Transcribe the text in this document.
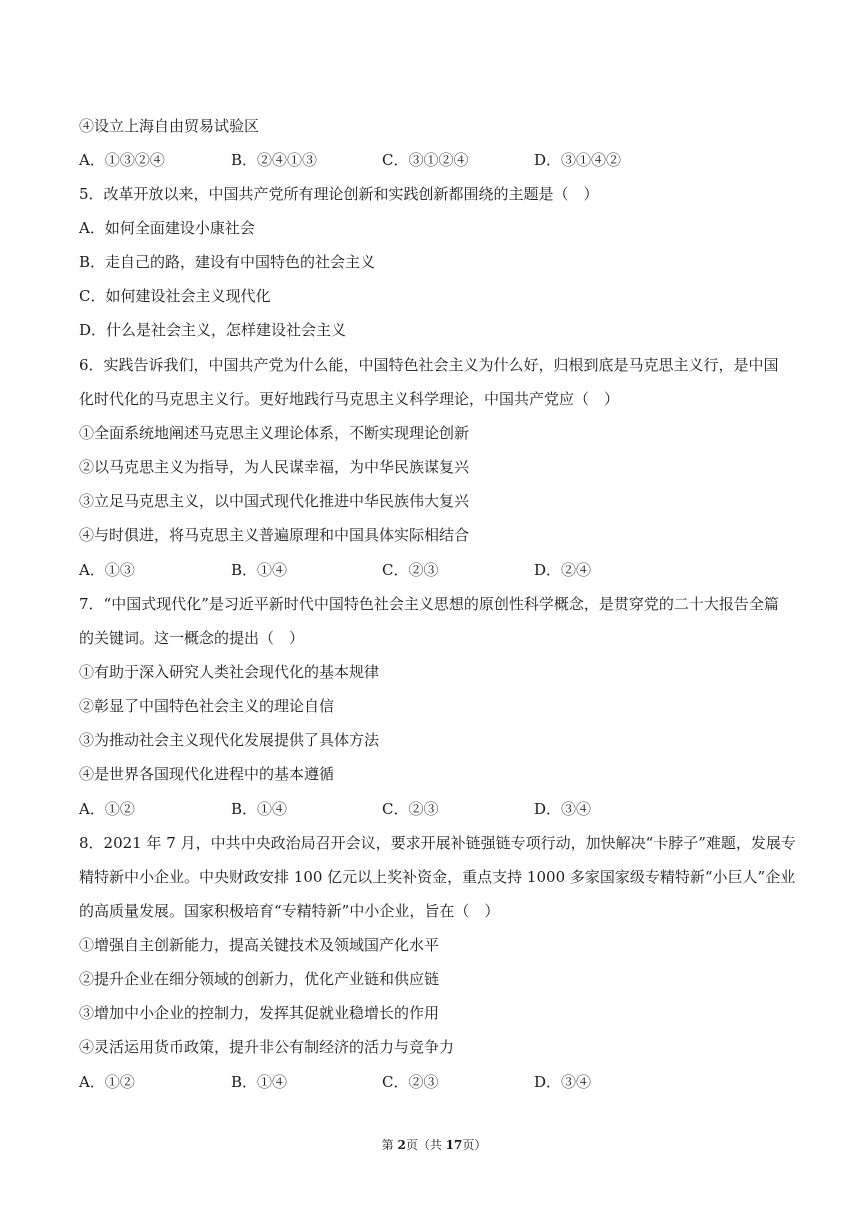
④设立上海自由贸易试验区
A．①③②④	B．②④①③	C．③①②④	D．③①④②
5．改革开放以来，中国共产党所有理论创新和实践创新都围绕的主题是（　）
A．如何全面建设小康社会
B．走自己的路，建设有中国特色的社会主义
C．如何建设社会主义现代化
D．什么是社会主义，怎样建设社会主义
6．实践告诉我们，中国共产党为什么能，中国特色社会主义为什么好，归根到底是马克思主义行，是中国
化时代化的马克思主义行。更好地践行马克思主义科学理论，中国共产党应（　）
①全面系统地阐述马克思主义理论体系，不断实现理论创新
②以马克思主义为指导，为人民谋幸福，为中华民族谋复兴
③立足马克思主义，以中国式现代化推进中华民族伟大复兴
④与时俱进，将马克思主义普遍原理和中国具体实际相结合
A．①③	B．①④	C．②③	D．②④
7．“中国式现代化”是习近平新时代中国特色社会主义思想的原创性科学概念，是贯穿党的二十大报告全篇
的关键词。这一概念的提出（　）
①有助于深入研究人类社会现代化的基本规律
②彰显了中国特色社会主义的理论自信
③为推动社会主义现代化发展提供了具体方法
④是世界各国现代化进程中的基本遵循
A．①②	B．①④	C．②③	D．③④
8．2021 年 7 月，中共中央政治局召开会议，要求开展补链强链专项行动，加快解决“卡脖子”难题，发展专
精特新中小企业。中央财政安排 100 亿元以上奖补资金，重点支持 1000 多家国家级专精特新“小巨人”企业
的高质量发展。国家积极培育“专精特新”中小企业，旨在（　）
①增强自主创新能力，提高关键技术及领域国产化水平
②提升企业在细分领域的创新力，优化产业链和供应链
③增加中小企业的控制力，发挥其促就业稳增长的作用
④灵活运用货币政策，提升非公有制经济的活力与竞争力
A．①②	B．①④	C．②③	D．③④
第 2页（共 17页）
